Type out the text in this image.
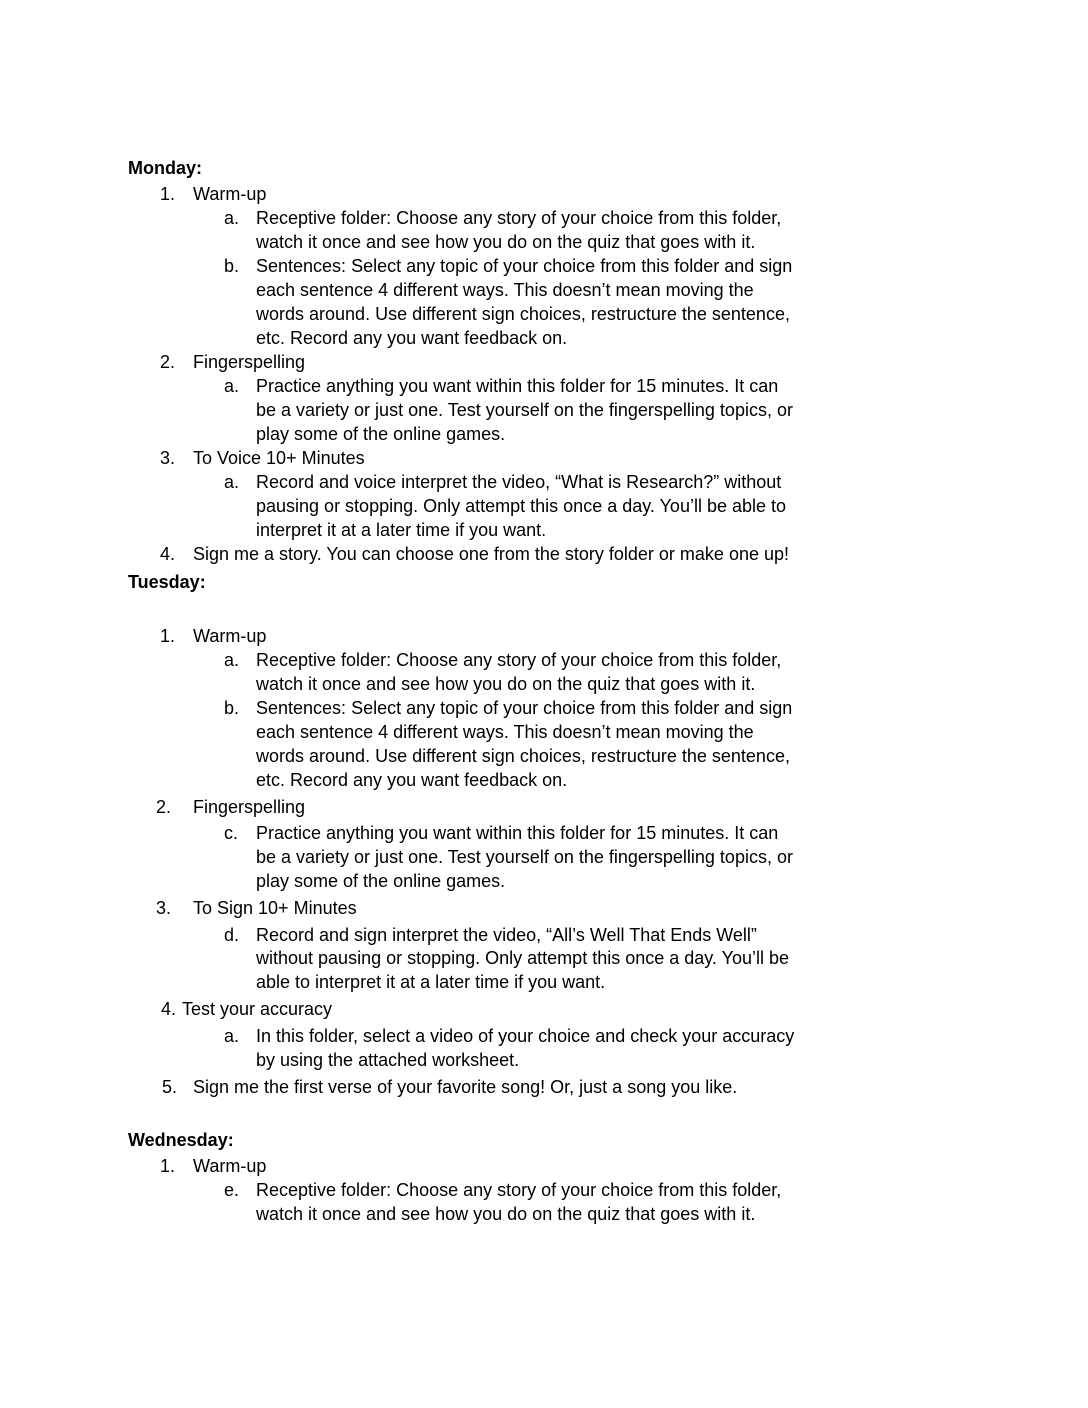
Monday:
1. Warm-up
a. Receptive folder: Choose any story of your choice from this folder,
watch it once and see how you do on the quiz that goes with it.
b. Sentences: Select any topic of your choice from this folder and sign
each sentence 4 different ways. This doesn’t mean moving the
words around. Use different sign choices, restructure the sentence,
etc. Record any you want feedback on.
2. Fingerspelling
a. Practice anything you want within this folder for 15 minutes. It can
be a variety or just one. Test yourself on the fingerspelling topics, or
play some of the online games.
3. To Voice 10+ Minutes
a. Record and voice interpret the video, “What is Research?” without
pausing or stopping. Only attempt this once a day. You’ll be able to
interpret it at a later time if you want.
4. Sign me a story. You can choose one from the story folder or make one up!
Tuesday:
1. Warm-up
a. Receptive folder: Choose any story of your choice from this folder,
watch it once and see how you do on the quiz that goes with it.
b. Sentences: Select any topic of your choice from this folder and sign
each sentence 4 different ways. This doesn’t mean moving the
words around. Use different sign choices, restructure the sentence,
etc. Record any you want feedback on.
2. Fingerspelling
c. Practice anything you want within this folder for 15 minutes. It can
be a variety or just one. Test yourself on the fingerspelling topics, or
play some of the online games.
3. To Sign 10+ Minutes
d. Record and sign interpret the video, “All’s Well That Ends Well”
without pausing or stopping. Only attempt this once a day. You’ll be
able to interpret it at a later time if you want.
4. Test your accuracy
a. In this folder, select a video of your choice and check your accuracy
by using the attached worksheet.
5. Sign me the first verse of your favorite song! Or, just a song you like.
Wednesday:
1. Warm-up
e. Receptive folder: Choose any story of your choice from this folder,
watch it once and see how you do on the quiz that goes with it.
